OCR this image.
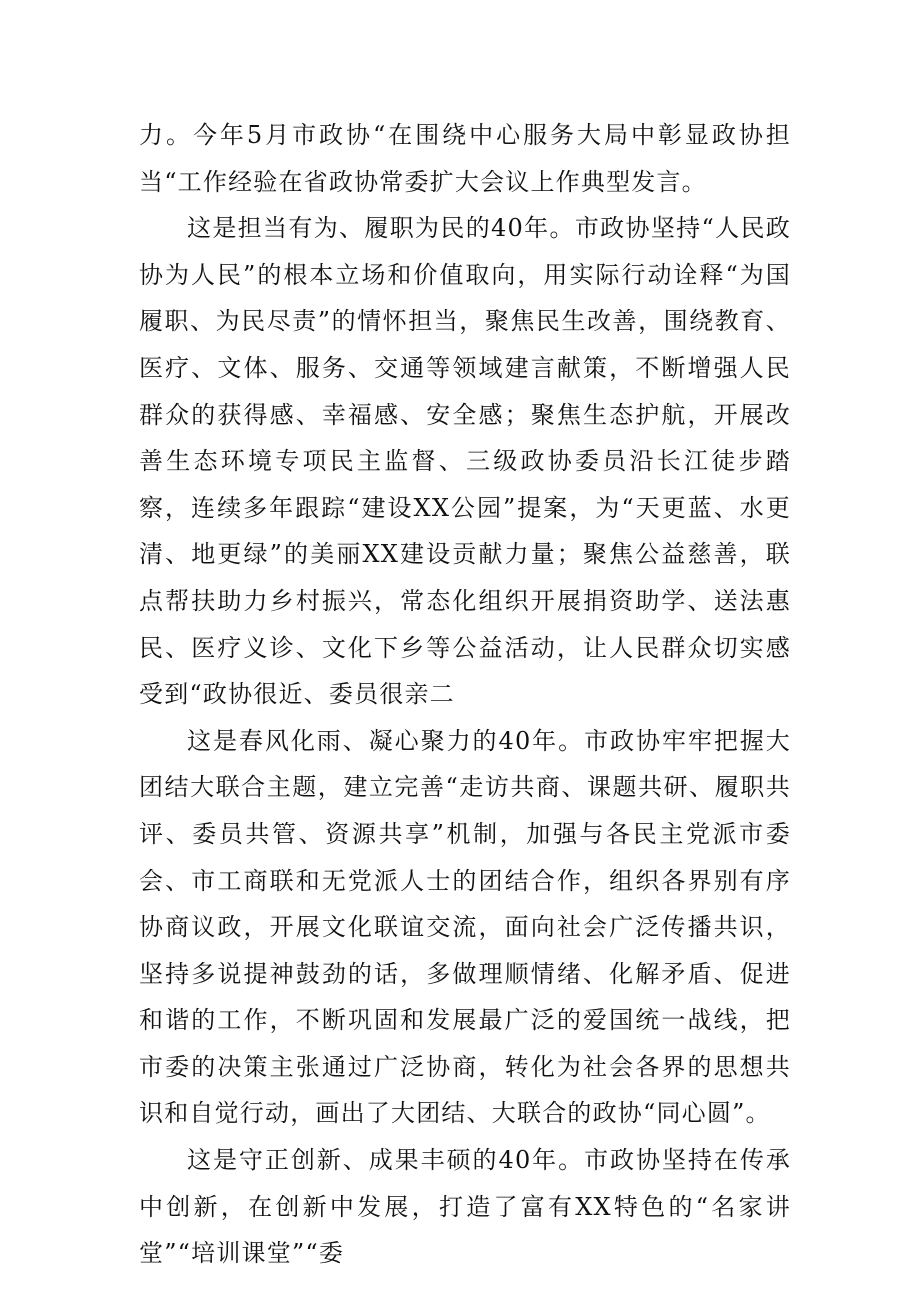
力。今年5月市政协“在围绕中心服务大局中彰显政协担当“工作经验在省政协常委扩大会议上作典型发言。

这是担当有为、履职为民的40年。市政协坚持“人民政协为人民”的根本立场和价值取向，用实际行动诠释“为国履职、为民尽责”的情怀担当，聚焦民生改善，围绕教育、医疗、文体、服务、交通等领域建言献策，不断增强人民群众的获得感、幸福感、安全感；聚焦生态护航，开展改善生态环境专项民主监督、三级政协委员沿长江徒步踏察，连续多年跟踪“建设XX公园”提案，为“天更蓝、水更清、地更绿”的美丽XX建设贡献力量；聚焦公益慈善，联点帮扶助力乡村振兴，常态化组织开展捐资助学、送法惠民、医疗义诊、文化下乡等公益活动，让人民群众切实感受到“政协很近、委员很亲二

这是春风化雨、凝心聚力的40年。市政协牢牢把握大团结大联合主题，建立完善“走访共商、课题共研、履职共评、委员共管、资源共享”机制，加强与各民主党派市委会、市工商联和无党派人士的团结合作，组织各界别有序协商议政，开展文化联谊交流，面向社会广泛传播共识，坚持多说提神鼓劲的话，多做理顺情绪、化解矛盾、促进和谐的工作，不断巩固和发展最广泛的爱国统一战线，把市委的决策主张通过广泛协商，转化为社会各界的思想共识和自觉行动，画出了大团结、大联合的政协“同心圆”。

这是守正创新、成果丰硕的40年。市政协坚持在传承中创新，在创新中发展，打造了富有XX特色的“名家讲堂”“培训课堂”“委
